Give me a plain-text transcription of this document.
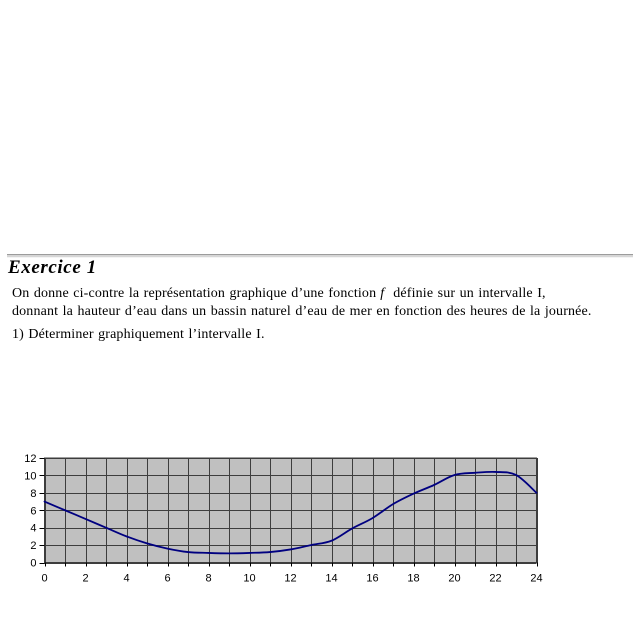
Exercice 1

On donne ci-contre la représentation graphique d’une fonction f définie sur un intervalle I,
donnant la hauteur d’eau dans un bassin naturel d’eau de mer en fonction des heures de la journée.

1) Déterminer graphiquement l’intervalle I.

0	2	4	6	8	10	12	14	16	18	20	22	24
0
2
4
6
8
10
12
